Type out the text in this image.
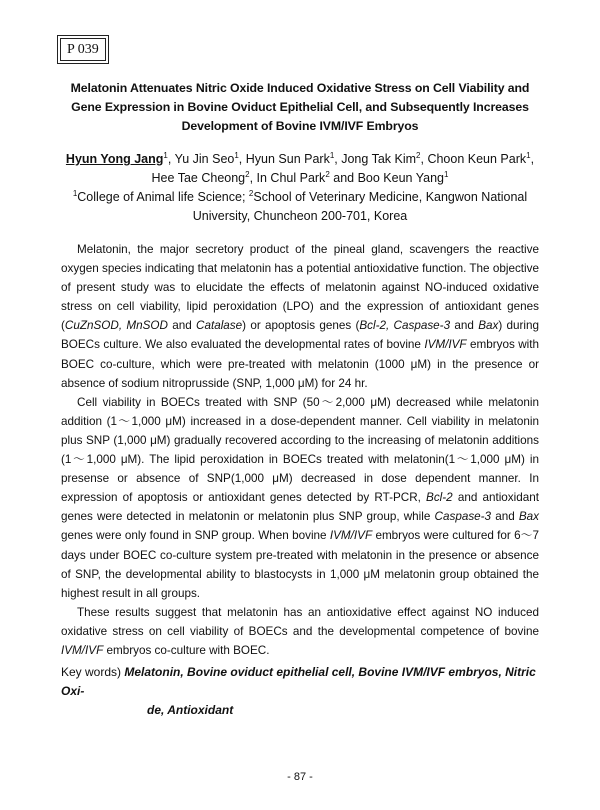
P 039
Melatonin Attenuates Nitric Oxide Induced Oxidative Stress on Cell Viability and
Gene Expression in Bovine Oviduct Epithelial Cell, and Subsequently Increases
Development of Bovine IVM/IVF Embryos
Hyun Yong Jang$^1$, Yu Jin Seo$^1$, Hyun Sun Park$^1$, Jong Tak Kim$^2$, Choon Keun Park$^1$,
Hee Tae Cheong$^2$, In Chul Park$^2$ and Boo Keun Yang$^1$
$^1$College of Animal life Science; $^2$School of Veterinary Medicine, Kangwon National
University, Chuncheon 200-701, Korea

Melatonin, the major secretory product of the pineal gland, scavengers the reactive oxygen species indicating that melatonin has a potential antioxidative function. The objective of present study was to elucidate the effects of melatonin against NO-induced oxidative stress on cell viability, lipid peroxidation (LPO) and the expression of antioxidant genes (CuZnSOD, MnSOD and Catalase) or apoptosis genes (Bcl-2, Caspase-3 and Bax) during BOECs culture. We also evaluated the developmental rates of bovine IVM/IVF embryos with BOEC co-culture, which were pre-treated with melatonin (1000 μM) in the presence or absence of sodium nitroprusside (SNP, 1,000 μM) for 24 hr.

Cell viability in BOECs treated with SNP (50～2,000 μM) decreased while melatonin addition (1～1,000 μM) increased in a dose-dependent manner. Cell viability in melatonin plus SNP (1,000 μM) gradually recovered according to the increasing of melatonin additions (1～1,000 μM). The lipid peroxidation in BOECs treated with melatonin(1～1,000 μM) in presense or absence of SNP(1,000 μM) decreased in dose dependent manner. In expression of apoptosis or antioxidant genes detected by RT-PCR, Bcl-2 and antioxidant genes were detected in melatonin or melatonin plus SNP group, while Caspase-3 and Bax genes were only found in SNP group. When bovine IVM/IVF embryos were cultured for 6～7 days under BOEC co-culture system pre-treated with melatonin in the presence or absence of SNP, the developmental ability to blastocysts in 1,000 μM melatonin group obtained the highest result in all groups.

These results suggest that melatonin has an antioxidative effect against NO induced oxidative stress on cell viability of BOECs and the developmental competence of bovine IVM/IVF embryos co-culture with BOEC.

Key words) Melatonin, Bovine oviduct epithelial cell, Bovine IVM/IVF embryos, Nitric Oxi-
de, Antioxidant
- 87 -
